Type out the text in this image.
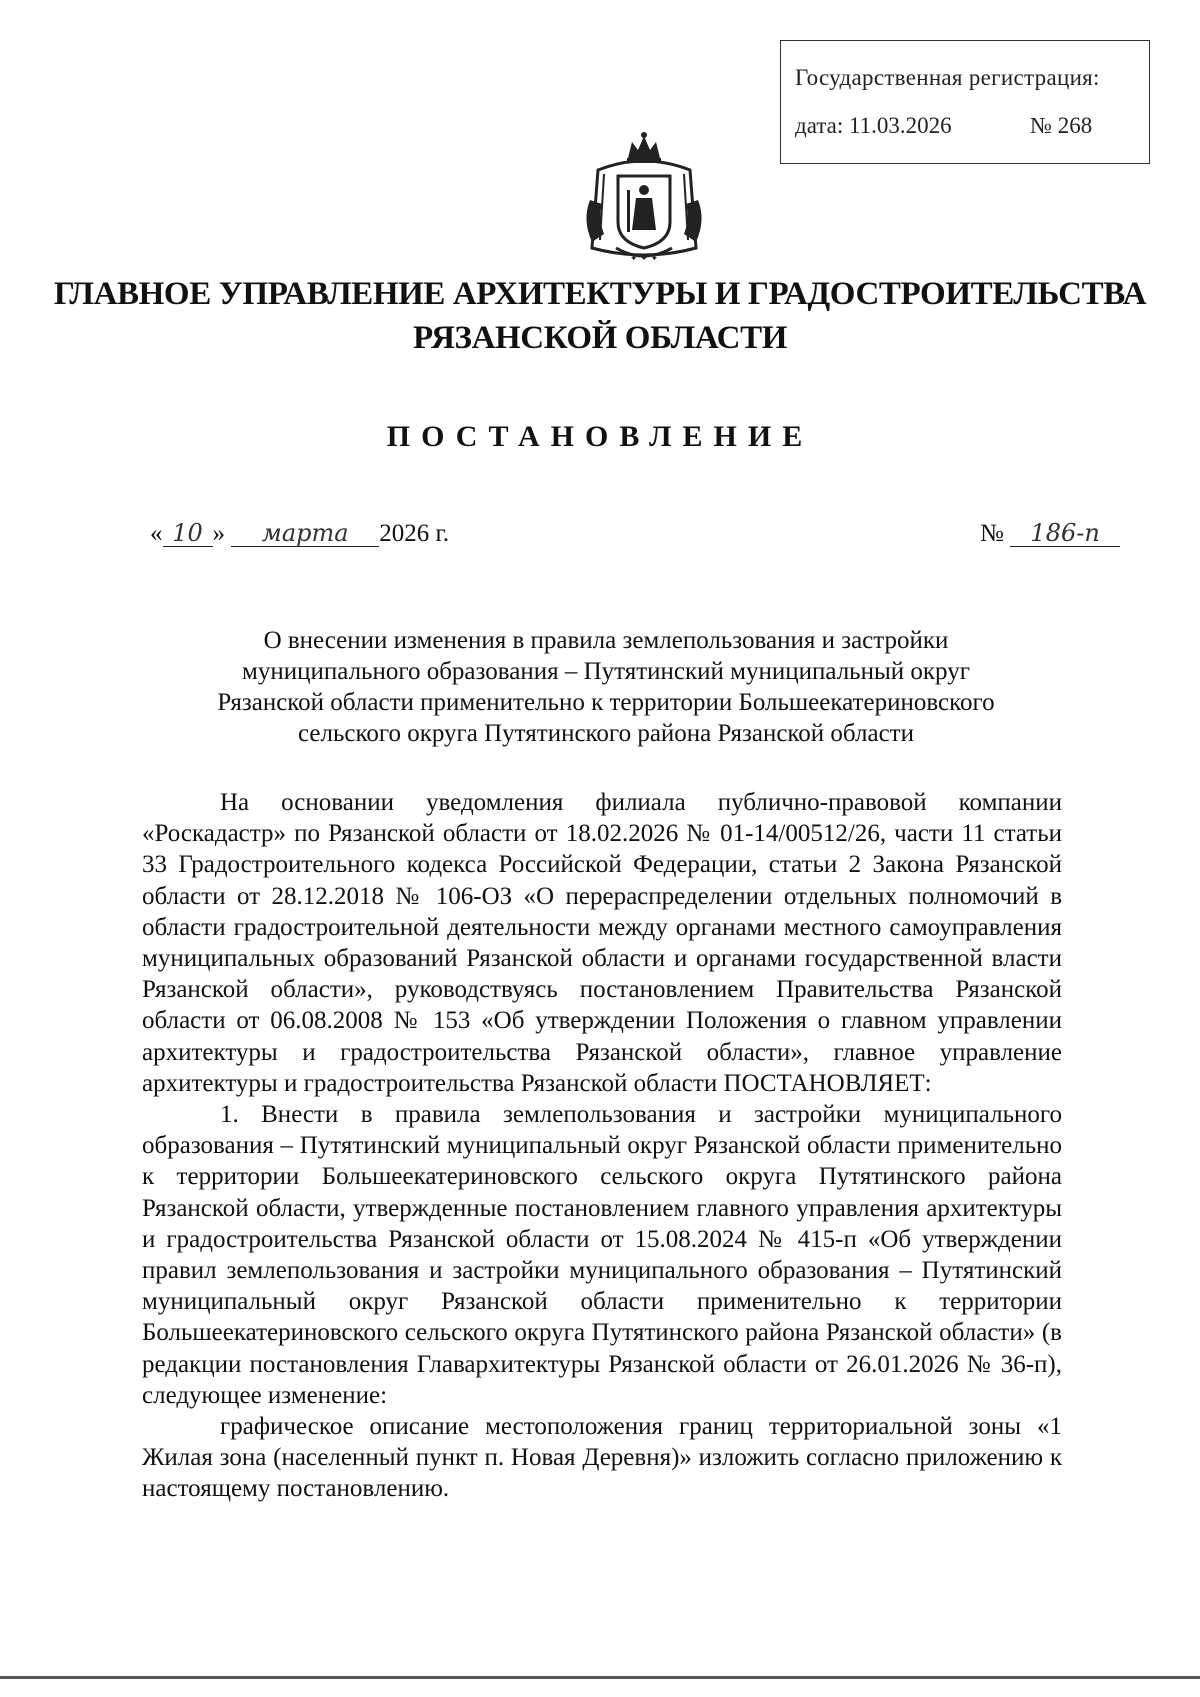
Государственная регистрация:
дата: 11.03.2026	№ 268
✦ ✦ ✦
ГЛАВНОЕ УПРАВЛЕНИЕ АРХИТЕКТУРЫ И ГРАДОСТРОИТЕЛЬСТВА
РЯЗАНСКОЙ ОБЛАСТИ
ПОСТАНОВЛЕНИЕ
« 10 » марта 2026 г.	№ 186-п
О внесении изменения в правила землепользования и застройки
муниципального образования – Путятинский муниципальный округ
Рязанской области применительно к территории Большеекатериновского
сельского округа Путятинского района Рязанской области

На основании уведомления филиала публично-правовой компании «Роскадастр» по Рязанской области от 18.02.2026 № 01-14/00512/26, части 11 статьи 33 Градостроительного кодекса Российской Федерации, статьи 2 Закона Рязанской области от 28.12.2018 № 106-ОЗ «О перераспределении отдельных полномочий в области градостроительной деятельности между органами местного самоуправления муниципальных образований Рязанской области и органами государственной власти Рязанской области», руководствуясь постановлением Правительства Рязанской области от 06.08.2008 № 153 «Об утверждении Положения о главном управлении архитектуры и градостроительства Рязанской области», главное управление архитектуры и градостроительства Рязанской области ПОСТАНОВЛЯЕТ:

1. Внести в правила землепользования и застройки муниципального образования – Путятинский муниципальный округ Рязанской области применительно к территории Большеекатериновского сельского округа Путятинского района Рязанской области, утвержденные постановлением главного управления архитектуры и градостроительства Рязанской области от 15.08.2024 № 415-п «Об утверждении правил землепользования и застройки муниципального образования – Путятинский муниципальный округ Рязанской области применительно к территории Большеекатериновского сельского округа Путятинского района Рязанской области» (в редакции постановления Главархитектуры Рязанской области от 26.01.2026 № 36-п), следующее изменение:

графическое описание местоположения границ территориальной зоны «1 Жилая зона (населенный пункт п. Новая Деревня)» изложить согласно приложению к настоящему постановлению.
